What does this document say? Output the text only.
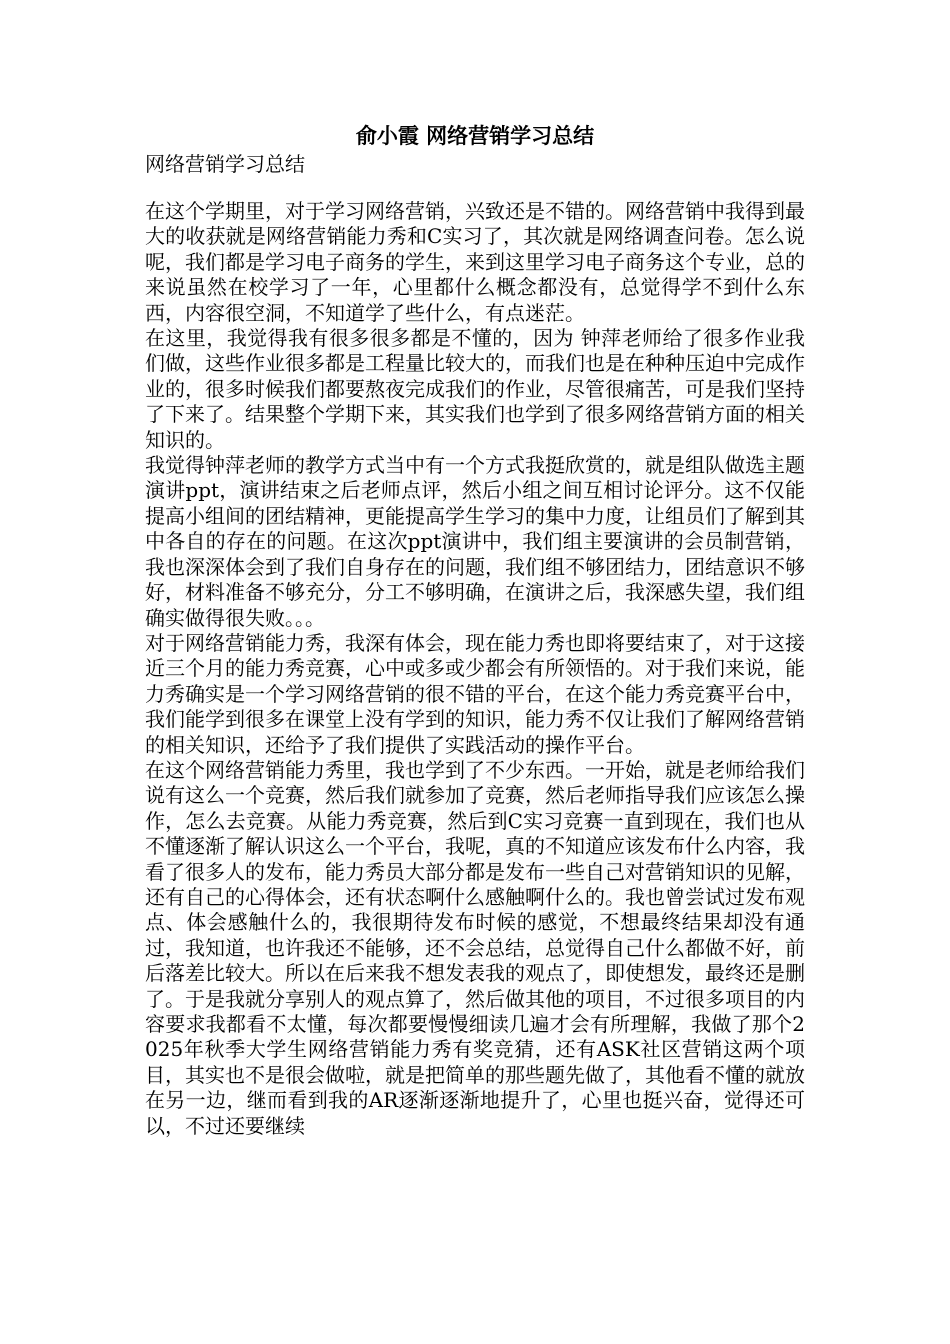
俞小霞 网络营销学习总结
网络营销学习总结

在这个学期里，对于学习网络营销，兴致还是不错的。网络营销中我得到最大的收获就是网络营销能力秀和C实习了，其次就是网络调查问卷。怎么说呢，我们都是学习电子商务的学生，来到这里学习电子商务这个专业，总的来说虽然在校学习了一年，心里都什么概念都没有，总觉得学不到什么东西，内容很空洞，不知道学了些什么，有点迷茫。

在这里，我觉得我有很多很多都是不懂的，因为 钟萍老师给了很多作业我们做，这些作业很多都是工程量比较大的，而我们也是在种种压迫中完成作业的，很多时候我们都要熬夜完成我们的作业，尽管很痛苦，可是我们坚持了下来了。结果整个学期下来，其实我们也学到了很多网络营销方面的相关知识的。

我觉得钟萍老师的教学方式当中有一个方式我挺欣赏的，就是组队做选主题演讲ppt，演讲结束之后老师点评，然后小组之间互相讨论评分。这不仅能提高小组间的团结精神，更能提高学生学习的集中力度，让组员们了解到其中各自的存在的问题。在这次ppt演讲中，我们组主要演讲的会员制营销，我也深深体会到了我们自身存在的问题，我们组不够团结力，团结意识不够好，材料准备不够充分，分工不够明确，在演讲之后，我深感失望，我们组确实做得很失败。。。

对于网络营销能力秀，我深有体会，现在能力秀也即将要结束了，对于这接近三个月的能力秀竞赛，心中或多或少都会有所领悟的。对于我们来说，能力秀确实是一个学习网络营销的很不错的平台，在这个能力秀竞赛平台中，我们能学到很多在课堂上没有学到的知识，能力秀不仅让我们了解网络营销的相关知识，还给予了我们提供了实践活动的操作平台。

在这个网络营销能力秀里，我也学到了不少东西。一开始，就是老师给我们说有这么一个竞赛，然后我们就参加了竞赛，然后老师指导我们应该怎么操作，怎么去竞赛。从能力秀竞赛，然后到C实习竞赛一直到现在，我们也从不懂逐渐了解认识这么一个平台，我呢，真的不知道应该发布什么内容，我看了很多人的发布，能力秀员大部分都是发布一些自己对营销知识的见解，还有自己的心得体会，还有状态啊什么感触啊什么的。我也曾尝试过发布观点、体会感触什么的，我很期待发布时候的感觉，不想最终结果却没有通过，我知道，也许我还不能够，还不会总结，总觉得自己什么都做不好，前后落差比较大。所以在后来我不想发表我的观点了，即使想发，最终还是删了。于是我就分享别人的观点算了，然后做其他的项目，不过很多项目的内容要求我都看不太懂，每次都要慢慢细读几遍才会有所理解，我做了那个2025年秋季大学生网络营销能力秀有奖竞猜，还有ASK社区营销这两个项目，其实也不是很会做啦，就是把简单的那些题先做了，其他看不懂的就放在另一边，继而看到我的AR逐渐逐渐地提升了，心里也挺兴奋，觉得还可以，不过还要继续
